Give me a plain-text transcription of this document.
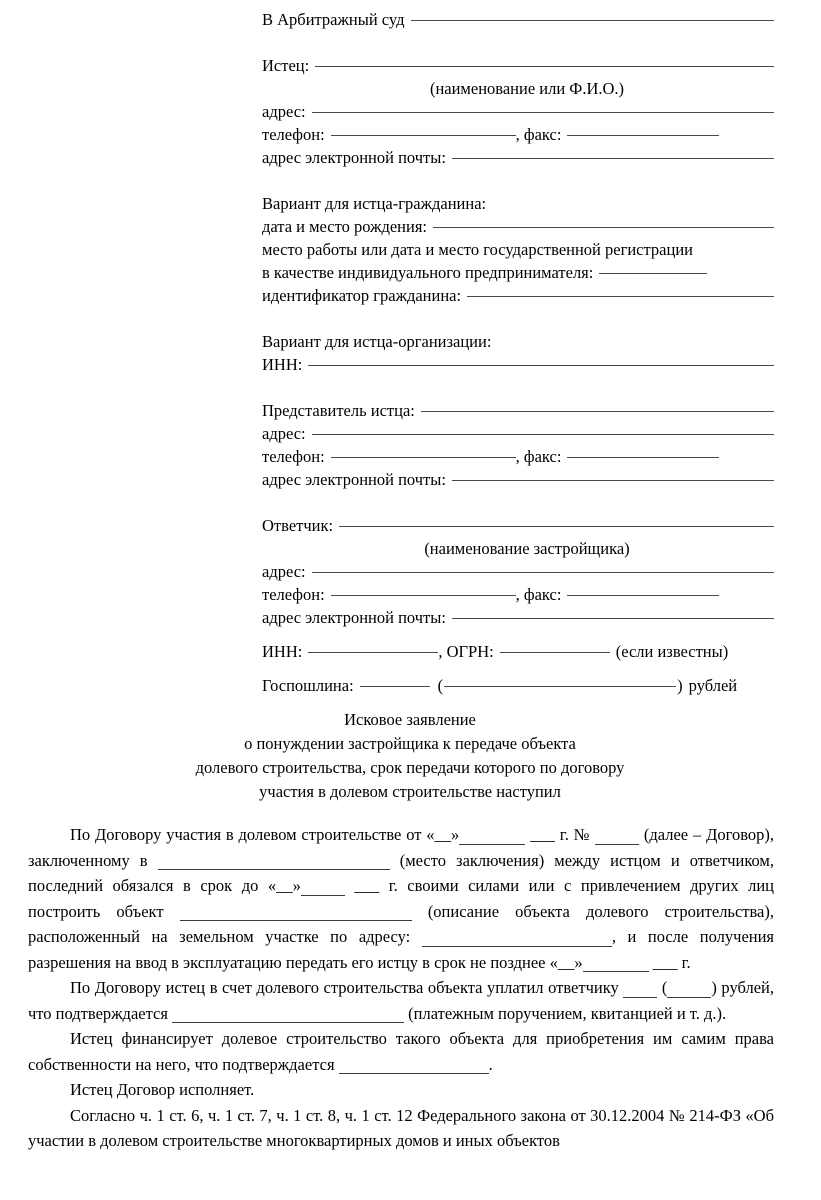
В Арбитражный суд
Истец:
(наименование или Ф.И.О.)
адрес:
телефон:	, факс:
адрес электронной почты:
Вариант для истца-гражданина:
дата и место рождения:
место работы или дата и место государственной регистрации
в качестве индивидуального предпринимателя:
идентификатор гражданина:
Вариант для истца-организации:
ИНН:
Представитель истца:
адрес:
телефон:	, факс:
адрес электронной почты:
Ответчик:
(наименование застройщика)
адрес:
телефон:	, факс:
адрес электронной почты:
ИНН:	, ОГРН:	(если известны)
Госпошлина:	(	) рублей
Исковое заявление
о понуждении застройщика к передаче объекта
долевого строительства, срок передачи которого по договору
участия в долевом строительстве наступил

По Договору участия в долевом строительстве от «__»	___ г. №	(далее – Договор), заключенному в	(место заключения) между истцом и ответчиком, последний обязался в срок до «__»	___ г. своими силами или с привлечением других лиц построить объект	(описание объекта долевого строительства), расположенный на земельном участке по адресу:	, и после получения разрешения на ввод в эксплуатацию передать его истцу в срок не позднее «__»	___ г.

По Договору истец в счет долевого строительства объекта уплатил ответчику	(	) рублей, что подтверждается	(платежным поручением, квитанцией и т. д.).

Истец финансирует долевое строительство такого объекта для приобретения им самим права собственности на него, что подтверждается	.

Истец Договор исполняет.

Согласно ч. 1 ст. 6, ч. 1 ст. 7, ч. 1 ст. 8, ч. 1 ст. 12 Федерального закона от 30.12.2004 № 214-ФЗ «Об участии в долевом строительстве многоквартирных домов и иных объектов
